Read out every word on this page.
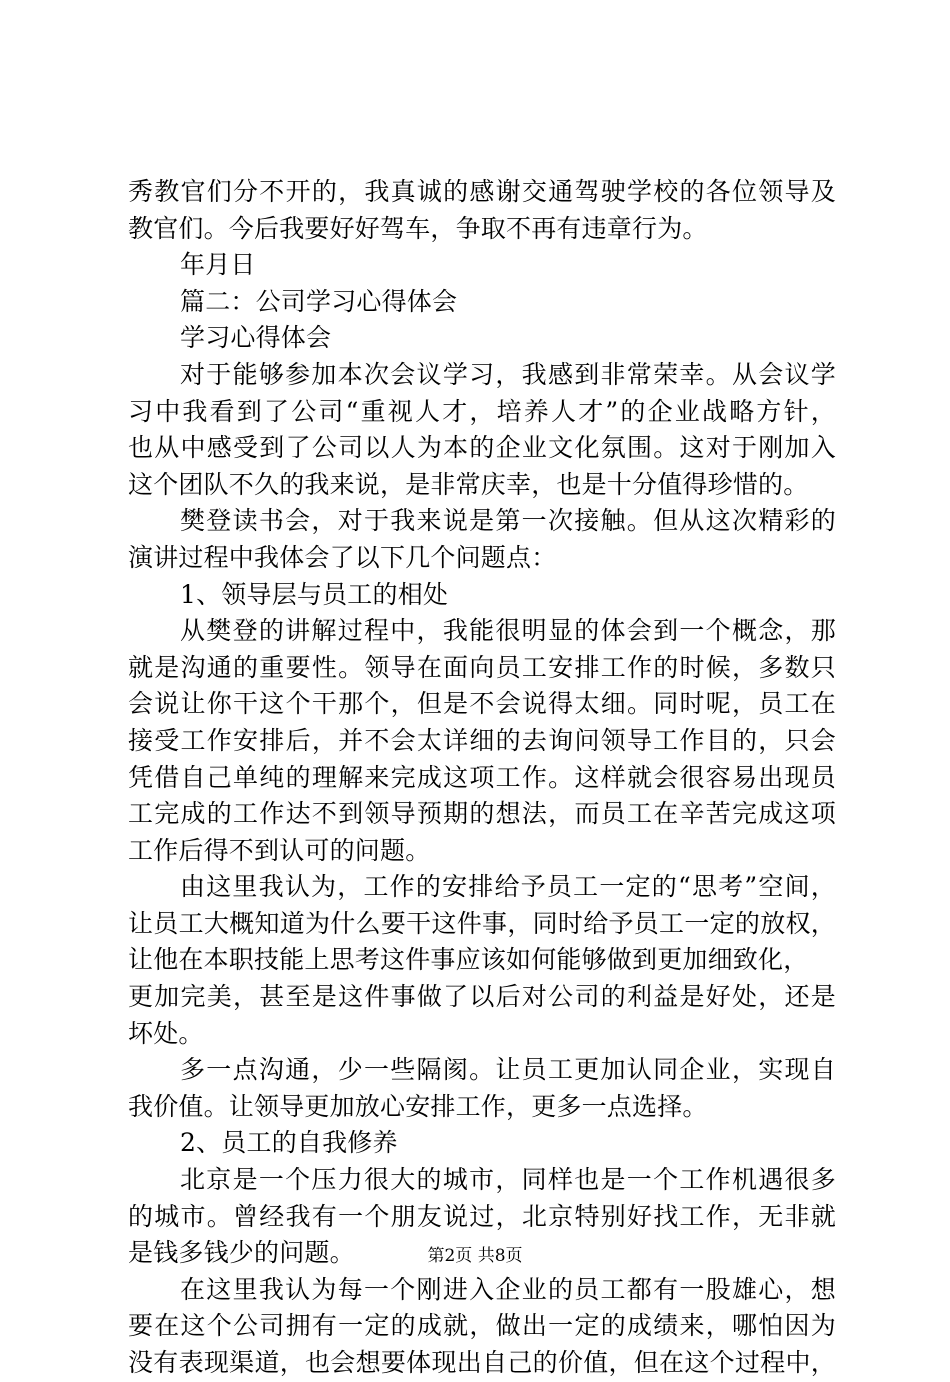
秀教官们分不开的，我真诚的感谢交通驾驶学校的各位领导及
教官们。今后我要好好驾车，争取不再有违章行为。
年月日
篇二：公司学习心得体会
学习心得体会
对于能够参加本次会议学习，我感到非常荣幸。从会议学
习中我看到了公司“重视人才，培养人才”的企业战略方针，
也从中感受到了公司以人为本的企业文化氛围。这对于刚加入
这个团队不久的我来说，是非常庆幸，也是十分值得珍惜的。
樊登读书会，对于我来说是第一次接触。但从这次精彩的
演讲过程中我体会了以下几个问题点：
1、领导层与员工的相处
从樊登的讲解过程中，我能很明显的体会到一个概念，那
就是沟通的重要性。领导在面向员工安排工作的时候，多数只
会说让你干这个干那个，但是不会说得太细。同时呢，员工在
接受工作安排后，并不会太详细的去询问领导工作目的，只会
凭借自己单纯的理解来完成这项工作。这样就会很容易出现员
工完成的工作达不到领导预期的想法，而员工在辛苦完成这项
工作后得不到认可的问题。
由这里我认为，工作的安排给予员工一定的“思考”空间，
让员工大概知道为什么要干这件事，同时给予员工一定的放权，
让他在本职技能上思考这件事应该如何能够做到更加细致化，
更加完美，甚至是这件事做了以后对公司的利益是好处，还是
坏处。
多一点沟通，少一些隔阂。让员工更加认同企业，实现自
我价值。让领导更加放心安排工作，更多一点选择。
2、员工的自我修养
北京是一个压力很大的城市，同样也是一个工作机遇很多
的城市。曾经我有一个朋友说过，北京特别好找工作，无非就
是钱多钱少的问题。
在这里我认为每一个刚进入企业的员工都有一股雄心，想
要在这个公司拥有一定的成就，做出一定的成绩来，哪怕因为
没有表现渠道，也会想要体现出自己的价值，但在这个过程中，
第2页 共8页
